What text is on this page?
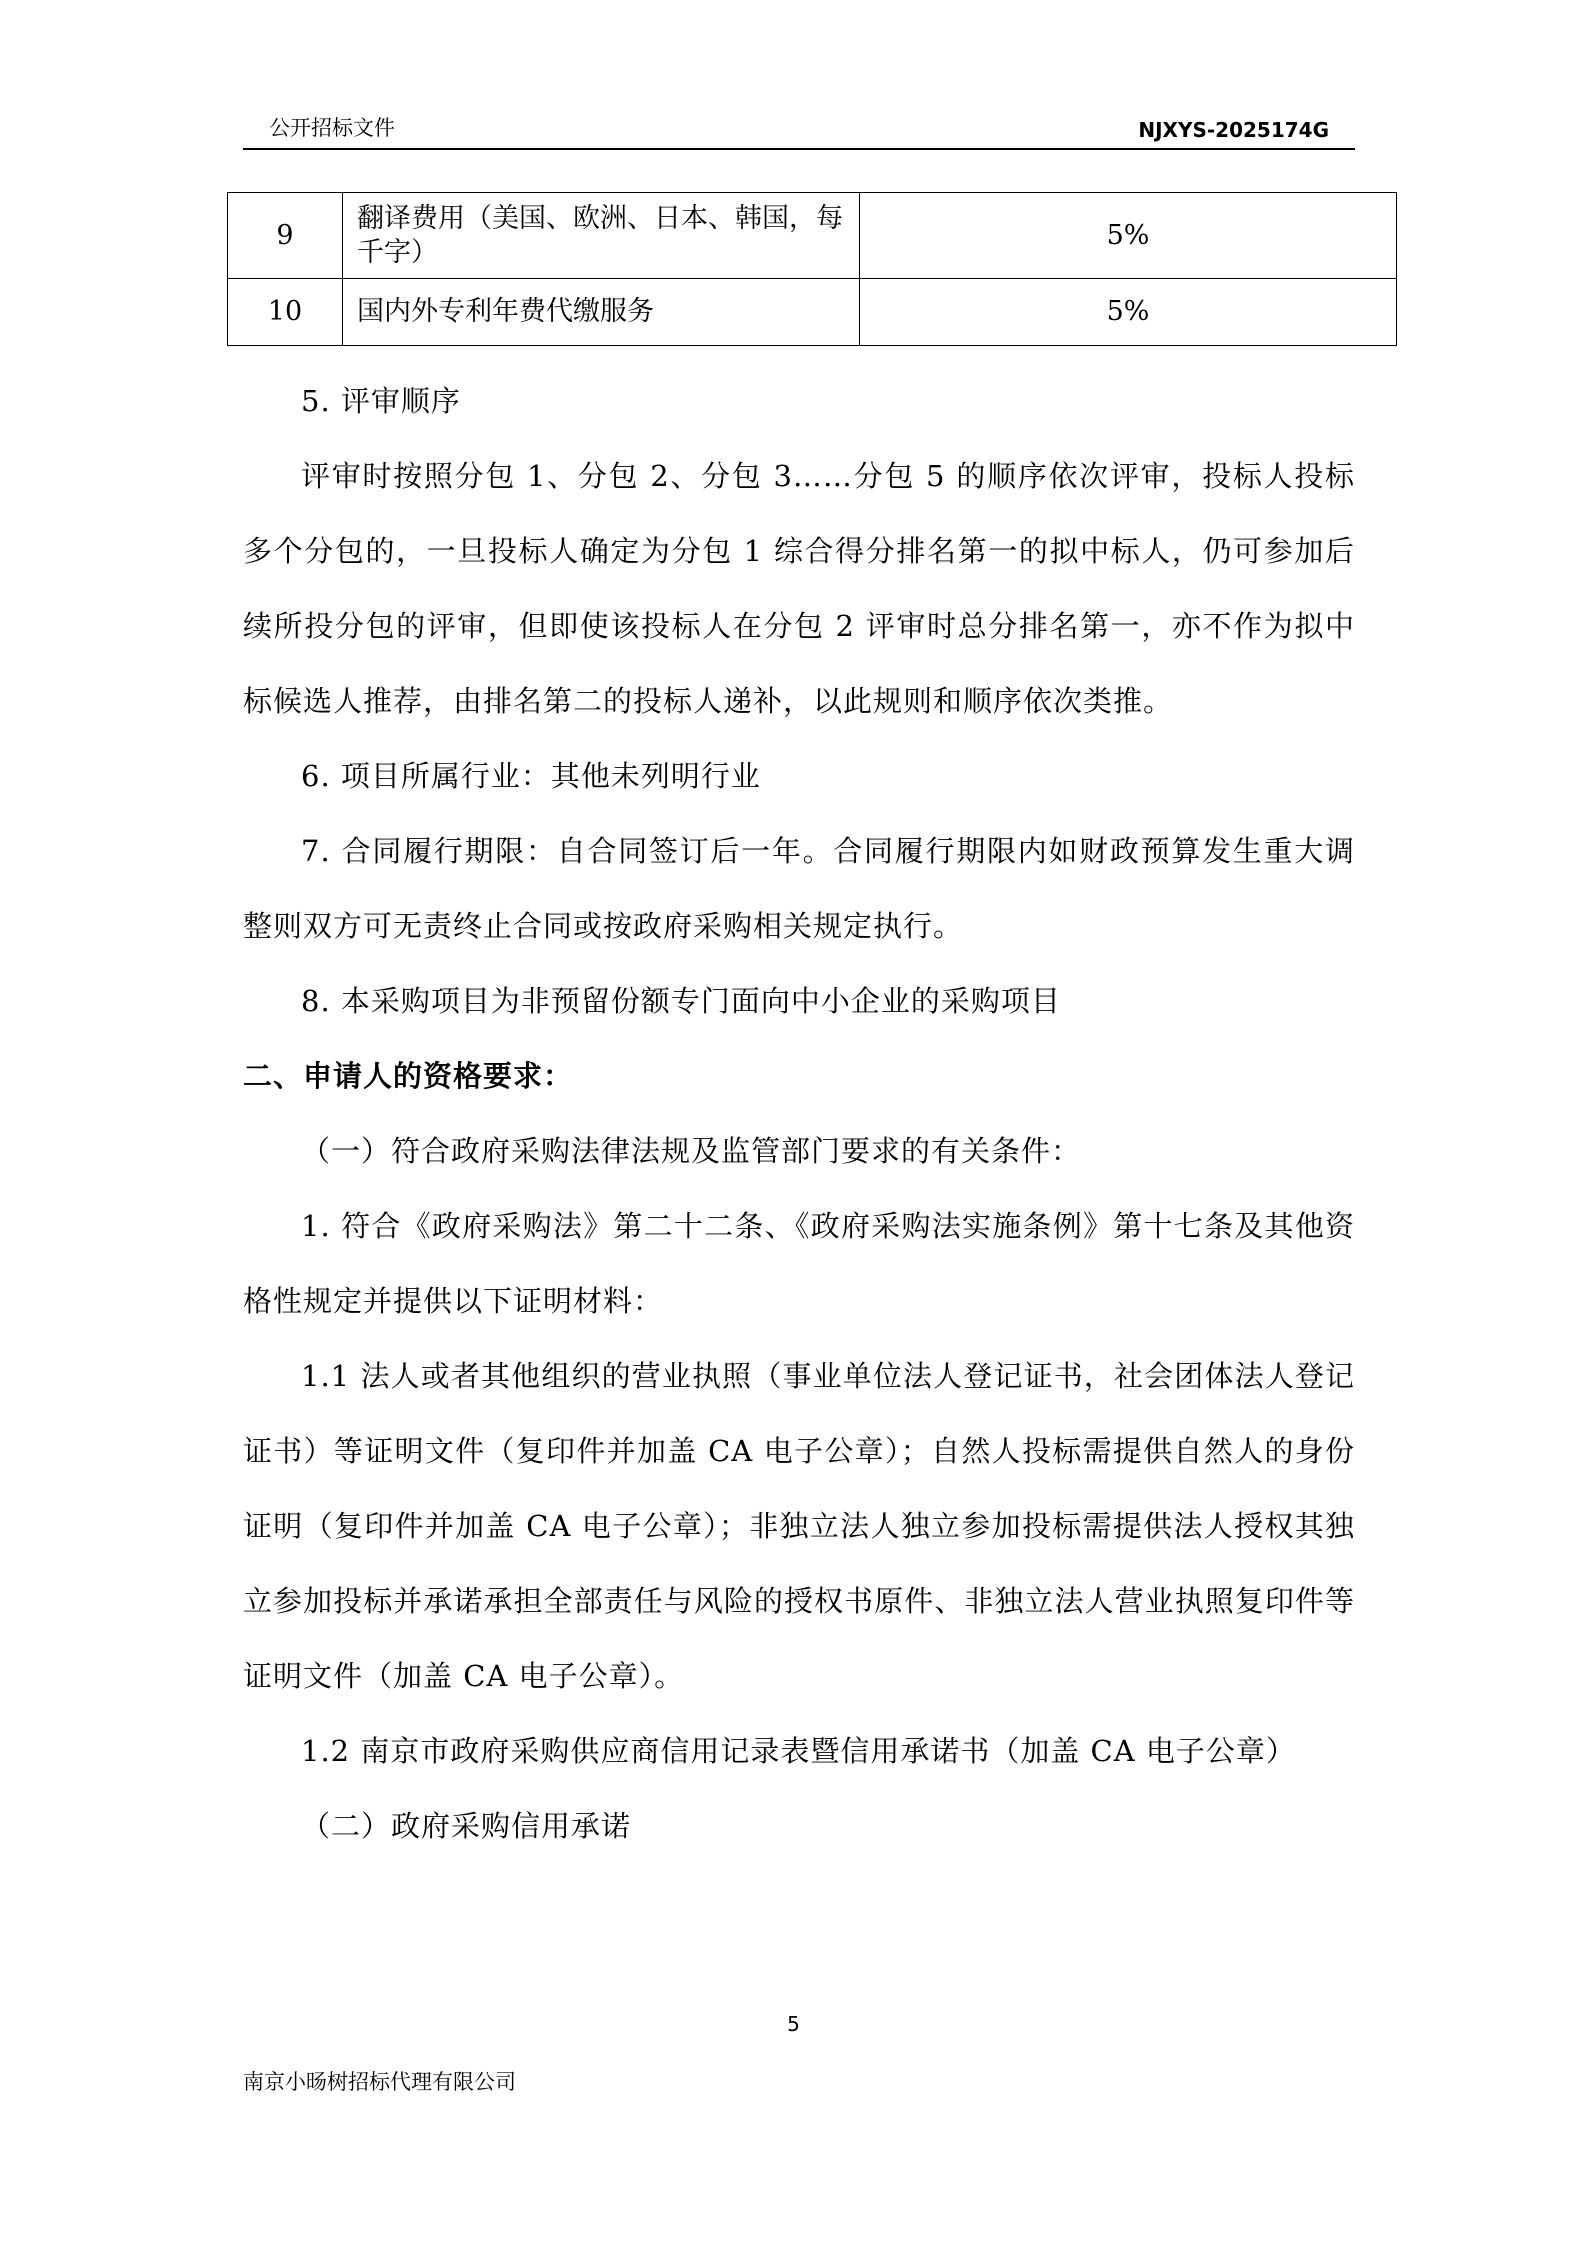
公开招标文件	NJXYS-2025174G
9	翻译费用（美国、欧洲、日本、韩国，每千字）	5%
10	国内外专利年费代缴服务	5%

5. 评审顺序

评审时按照分包 1、分包 2、分包 3……分包 5 的顺序依次评审，投标人投标多个分包的，一旦投标人确定为分包 1 综合得分排名第一的拟中标人，仍可参加后续所投分包的评审，但即使该投标人在分包 2 评审时总分排名第一，亦不作为拟中标候选人推荐，由排名第二的投标人递补，以此规则和顺序依次类推。

6. 项目所属行业：其他未列明行业

7. 合同履行期限：自合同签订后一年。合同履行期限内如财政预算发生重大调整则双方可无责终止合同或按政府采购相关规定执行。

8. 本采购项目为非预留份额专门面向中小企业的采购项目

二、申请人的资格要求：

（一）符合政府采购法律法规及监管部门要求的有关条件：

1. 符合《政府采购法》第二十二条、《政府采购法实施条例》第十七条及其他资格性规定并提供以下证明材料：

1.1 法人或者其他组织的营业执照（事业单位法人登记证书，社会团体法人登记证书）等证明文件（复印件并加盖 CA 电子公章）；自然人投标需提供自然人的身份证明（复印件并加盖 CA 电子公章）；非独立法人独立参加投标需提供法人授权其独立参加投标并承诺承担全部责任与风险的授权书原件、非独立法人营业执照复印件等证明文件（加盖 CA 电子公章）。

1.2 南京市政府采购供应商信用记录表暨信用承诺书（加盖 CA 电子公章）

（二）政府采购信用承诺

5
南京小旸树招标代理有限公司
